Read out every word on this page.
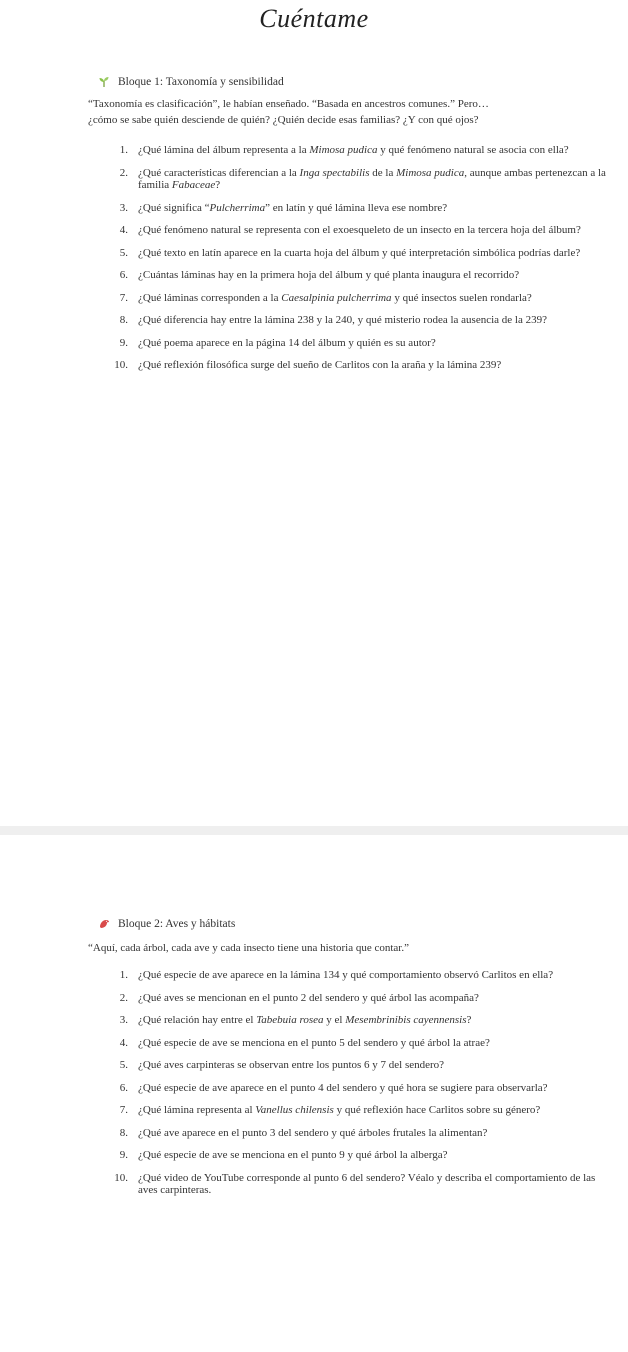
Cuéntame
Bloque 1: Taxonomía y sensibilidad
“Taxonomía es clasificación”, le habían enseñado. “Basada en ancestros comunes.” Pero…
¿cómo se sabe quién desciende de quién? ¿Quién decide esas familias? ¿Y con qué ojos?
1. ¿Qué lámina del álbum representa a la Mimosa pudica y qué fenómeno natural se asocia con ella?
2. ¿Qué características diferencian a la Inga spectabilis de la Mimosa pudica, aunque ambas pertenezcan a la familia Fabaceae?
3. ¿Qué significa “Pulcherrima” en latín y qué lámina lleva ese nombre?
4. ¿Qué fenómeno natural se representa con el exoesqueleto de un insecto en la tercera hoja del álbum?
5. ¿Qué texto en latín aparece en la cuarta hoja del álbum y qué interpretación simbólica podrías darle?
6. ¿Cuántas láminas hay en la primera hoja del álbum y qué planta inaugura el recorrido?
7. ¿Qué láminas corresponden a la Caesalpinia pulcherrima y qué insectos suelen rondarla?
8. ¿Qué diferencia hay entre la lámina 238 y la 240, y qué misterio rodea la ausencia de la 239?
9. ¿Qué poema aparece en la página 14 del álbum y quién es su autor?
10. ¿Qué reflexión filosófica surge del sueño de Carlitos con la araña y la lámina 239?
Bloque 2: Aves y hábitats
“Aquí, cada árbol, cada ave y cada insecto tiene una historia que contar.”
1. ¿Qué especie de ave aparece en la lámina 134 y qué comportamiento observó Carlitos en ella?
2. ¿Qué aves se mencionan en el punto 2 del sendero y qué árbol las acompaña?
3. ¿Qué relación hay entre el Tabebuia rosea y el Mesembrinibis cayennensis?
4. ¿Qué especie de ave se menciona en el punto 5 del sendero y qué árbol la atrae?
5. ¿Qué aves carpinteras se observan entre los puntos 6 y 7 del sendero?
6. ¿Qué especie de ave aparece en el punto 4 del sendero y qué hora se sugiere para observarla?
7. ¿Qué lámina representa al Vanellus chilensis y qué reflexión hace Carlitos sobre su género?
8. ¿Qué ave aparece en el punto 3 del sendero y qué árboles frutales la alimentan?
9. ¿Qué especie de ave se menciona en el punto 9 y qué árbol la alberga?
10. ¿Qué video de YouTube corresponde al punto 6 del sendero? Véalo y describa el comportamiento de las aves carpinteras.
